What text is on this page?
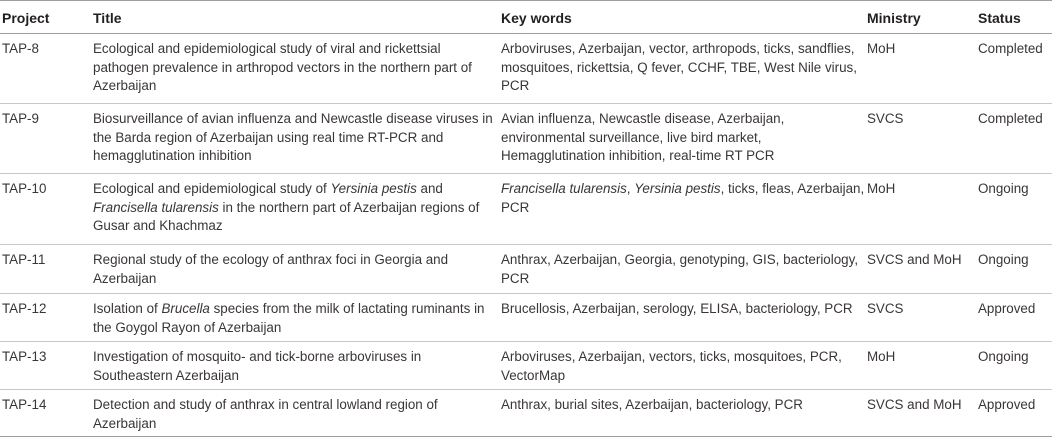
Project	Title	Key words	Ministry	Status
TAP-8	Ecological and epidemiological study of viral and rickettsial pathogen prevalence in arthropod vectors in the northern part of Azerbaijan	Arboviruses, Azerbaijan, vector, arthropods, ticks, sandflies, mosquitoes, rickettsia, Q fever, CCHF, TBE, West Nile virus, PCR	MoH	Completed
TAP-9	Biosurveillance of avian influenza and Newcastle disease viruses in the Barda region of Azerbaijan using real time RT-PCR and hemagglutination inhibition	Avian influenza, Newcastle disease, Azerbaijan, environmental surveillance, live bird market, Hemagglutination inhibition, real-time RT PCR	SVCS	Completed
TAP-10	Ecological and epidemiological study of Yersinia pestis and Francisella tularensis in the northern part of Azerbaijan regions of Gusar and Khachmaz	Francisella tularensis, Yersinia pestis, ticks, fleas, Azerbaijan, PCR	MoH	Ongoing
TAP-11	Regional study of the ecology of anthrax foci in Georgia and Azerbaijan	Anthrax, Azerbaijan, Georgia, genotyping, GIS, bacteriology, PCR	SVCS and MoH	Ongoing
TAP-12	Isolation of Brucella species from the milk of lactating ruminants in the Goygol Rayon of Azerbaijan	Brucellosis, Azerbaijan, serology, ELISA, bacteriology, PCR	SVCS	Approved
TAP-13	Investigation of mosquito- and tick-borne arboviruses in Southeastern Azerbaijan	Arboviruses, Azerbaijan, vectors, ticks, mosquitoes, PCR, VectorMap	MoH	Ongoing
TAP-14	Detection and study of anthrax in central lowland region of Azerbaijan	Anthrax, burial sites, Azerbaijan, bacteriology, PCR	SVCS and MoH	Approved
